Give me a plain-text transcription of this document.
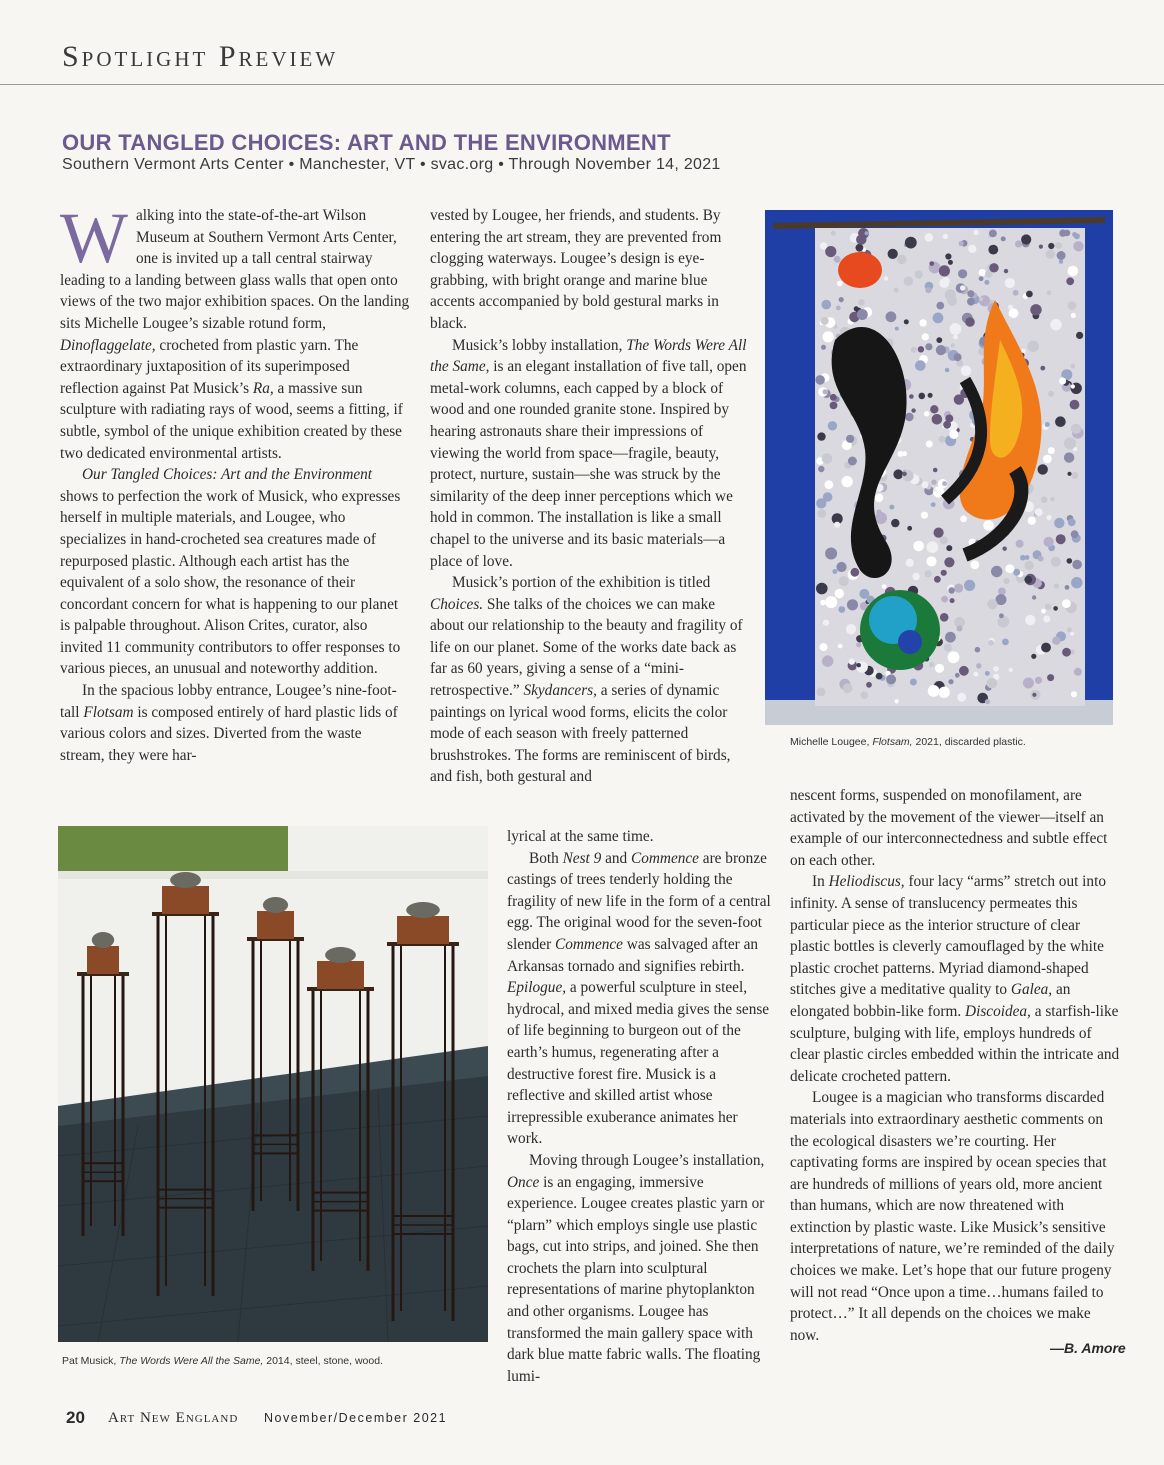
Spotlight Preview
OUR TANGLED CHOICES: ART AND THE ENVIRONMENT
Southern Vermont Arts Center • Manchester, VT • svac.org • Through November 14, 2021

Walking into the state-of-the-art Wilson Museum at Southern Vermont Arts Center, one is invited up a tall central stairway leading to a landing between glass walls that open onto views of the two major exhibition spaces. On the landing sits Michelle Lougee’s sizable rotund form, Dinoflaggelate, crocheted from plastic yarn. The extraordinary juxtaposition of its superimposed reflection against Pat Musick’s Ra, a massive sun sculpture with radiating rays of wood, seems a fitting, if subtle, symbol of the unique exhibition created by these two dedicated environmental artists.

Our Tangled Choices: Art and the Environment shows to perfection the work of Musick, who expresses herself in multiple materials, and Lougee, who specializes in hand-crocheted sea creatures made of repurposed plastic. Although each artist has the equivalent of a solo show, the resonance of their concordant concern for what is happening to our planet is palpable throughout. Alison Crites, curator, also invited 11 community contributors to offer responses to various pieces, an unusual and noteworthy addition.

In the spacious lobby entrance, Lougee’s nine-foot-tall Flotsam is composed entirely of hard plastic lids of various colors and sizes. Diverted from the waste stream, they were har-

vested by Lougee, her friends, and students. By entering the art stream, they are prevented from clogging waterways. Lougee’s design is eye-grabbing, with bright orange and marine blue accents accompanied by bold gestural marks in black.

Musick’s lobby installation, The Words Were All the Same, is an elegant installation of five tall, open metal-work columns, each capped by a block of wood and one rounded granite stone. Inspired by hearing astronauts share their impressions of viewing the world from space—fragile, beauty, protect, nurture, sustain—she was struck by the similarity of the deep inner perceptions which we hold in common. The installation is like a small chapel to the universe and its basic materials—a place of love.

Musick’s portion of the exhibition is titled Choices. She talks of the choices we can make about our relationship to the beauty and fragility of life on our planet. Some of the works date back as far as 60 years, giving a sense of a “mini-retrospective.” Skydancers, a series of dynamic paintings on lyrical wood forms, elicits the color mode of each season with freely patterned brushstrokes. The forms are reminiscent of birds, and fish, both gestural and

lyrical at the same time.

Both Nest 9 and Commence are bronze castings of trees tenderly holding the fragility of new life in the form of a central egg. The original wood for the seven-foot slender Commence was salvaged after an Arkansas tornado and signifies rebirth. Epilogue, a powerful sculpture in steel, hydrocal, and mixed media gives the sense of life beginning to burgeon out of the earth’s humus, regenerating after a destructive forest fire. Musick is a reflective and skilled artist whose irrepressible exuberance animates her work.

Moving through Lougee’s installation, Once is an engaging, immersive experience. Lougee creates plastic yarn or “plarn” which employs single use plastic bags, cut into strips, and joined. She then crochets the plarn into sculptural representations of marine phytoplankton and other organisms. Lougee has transformed the main gallery space with dark blue matte fabric walls. The floating lumi-

nescent forms, suspended on monofilament, are activated by the movement of the viewer—itself an example of our interconnectedness and subtle effect on each other.

In Heliodiscus, four lacy “arms” stretch out into infinity. A sense of translucency permeates this particular piece as the interior structure of clear plastic bottles is cleverly camouflaged by the white plastic crochet patterns. Myriad diamond-shaped stitches give a meditative quality to Galea, an elongated bobbin-like form. Discoidea, a starfish-like sculpture, bulging with life, employs hundreds of clear plastic circles embedded within the intricate and delicate crocheted pattern.

Lougee is a magician who transforms discarded materials into extraordinary aesthetic comments on the ecological disasters we’re courting. Her captivating forms are inspired by ocean species that are hundreds of millions of years old, more ancient than humans, which are now threatened with extinction by plastic waste. Like Musick’s sensitive interpretations of nature, we’re reminded of the daily choices we make. Let’s hope that our future progeny will not read “Once upon a time…humans failed to protect…” It all depends on the choices we make now.

—B. Amore
Michelle Lougee, Flotsam, 2021, discarded plastic.
Pat Musick, The Words Were All the Same, 2014, steel, stone, wood.
20 Art New England November/December 2021
